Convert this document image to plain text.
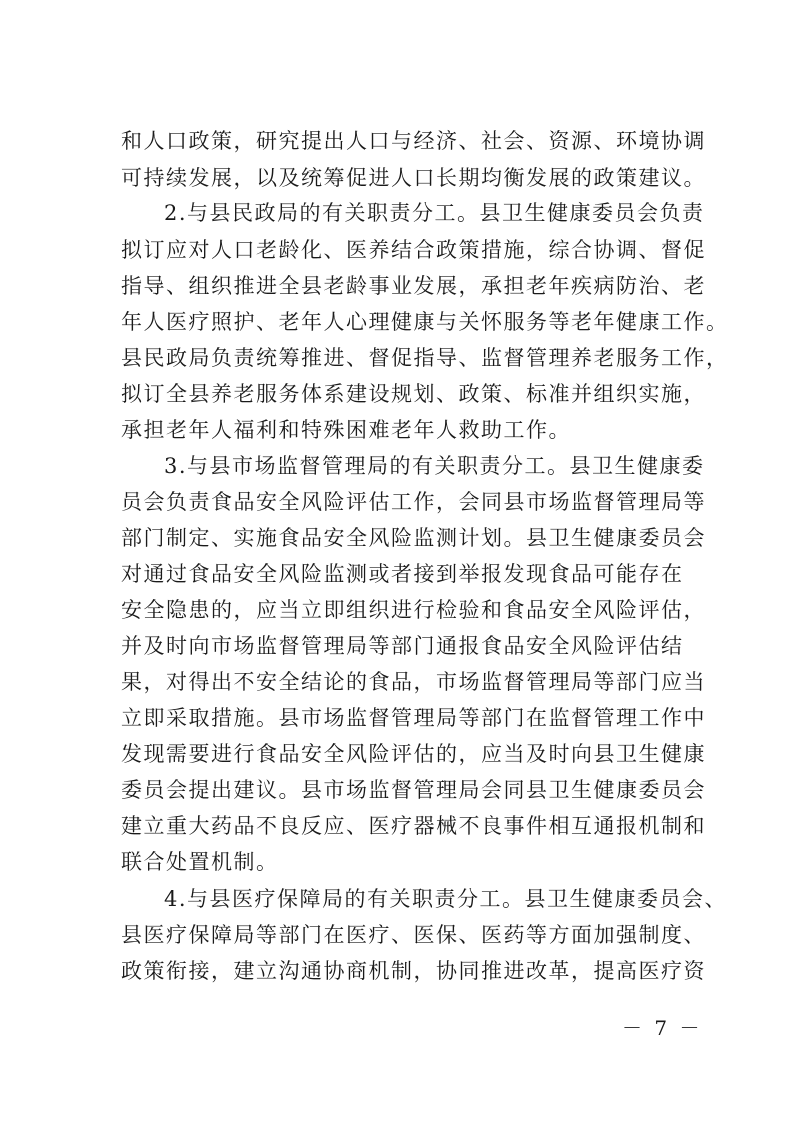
和人口政策，研究提出人口与经济、社会、资源、环境协调
可持续发展，以及统筹促进人口长期均衡发展的政策建议。
2.与县民政局的有关职责分工。县卫生健康委员会负责
拟订应对人口老龄化、医养结合政策措施，综合协调、督促
指导、组织推进全县老龄事业发展，承担老年疾病防治、老
年人医疗照护、老年人心理健康与关怀服务等老年健康工作。
县民政局负责统筹推进、督促指导、监督管理养老服务工作，
拟订全县养老服务体系建设规划、政策、标准并组织实施，
承担老年人福利和特殊困难老年人救助工作。
3.与县市场监督管理局的有关职责分工。县卫生健康委
员会负责食品安全风险评估工作，会同县市场监督管理局等
部门制定、实施食品安全风险监测计划。县卫生健康委员会
对通过食品安全风险监测或者接到举报发现食品可能存在
安全隐患的，应当立即组织进行检验和食品安全风险评估，
并及时向市场监督管理局等部门通报食品安全风险评估结
果，对得出不安全结论的食品，市场监督管理局等部门应当
立即采取措施。县市场监督管理局等部门在监督管理工作中
发现需要进行食品安全风险评估的，应当及时向县卫生健康
委员会提出建议。县市场监督管理局会同县卫生健康委员会
建立重大药品不良反应、医疗器械不良事件相互通报机制和
联合处置机制。
4.与县医疗保障局的有关职责分工。县卫生健康委员会、
县医疗保障局等部门在医疗、医保、医药等方面加强制度、
政策衔接，建立沟通协商机制，协同推进改革，提高医疗资
－ 7 －
